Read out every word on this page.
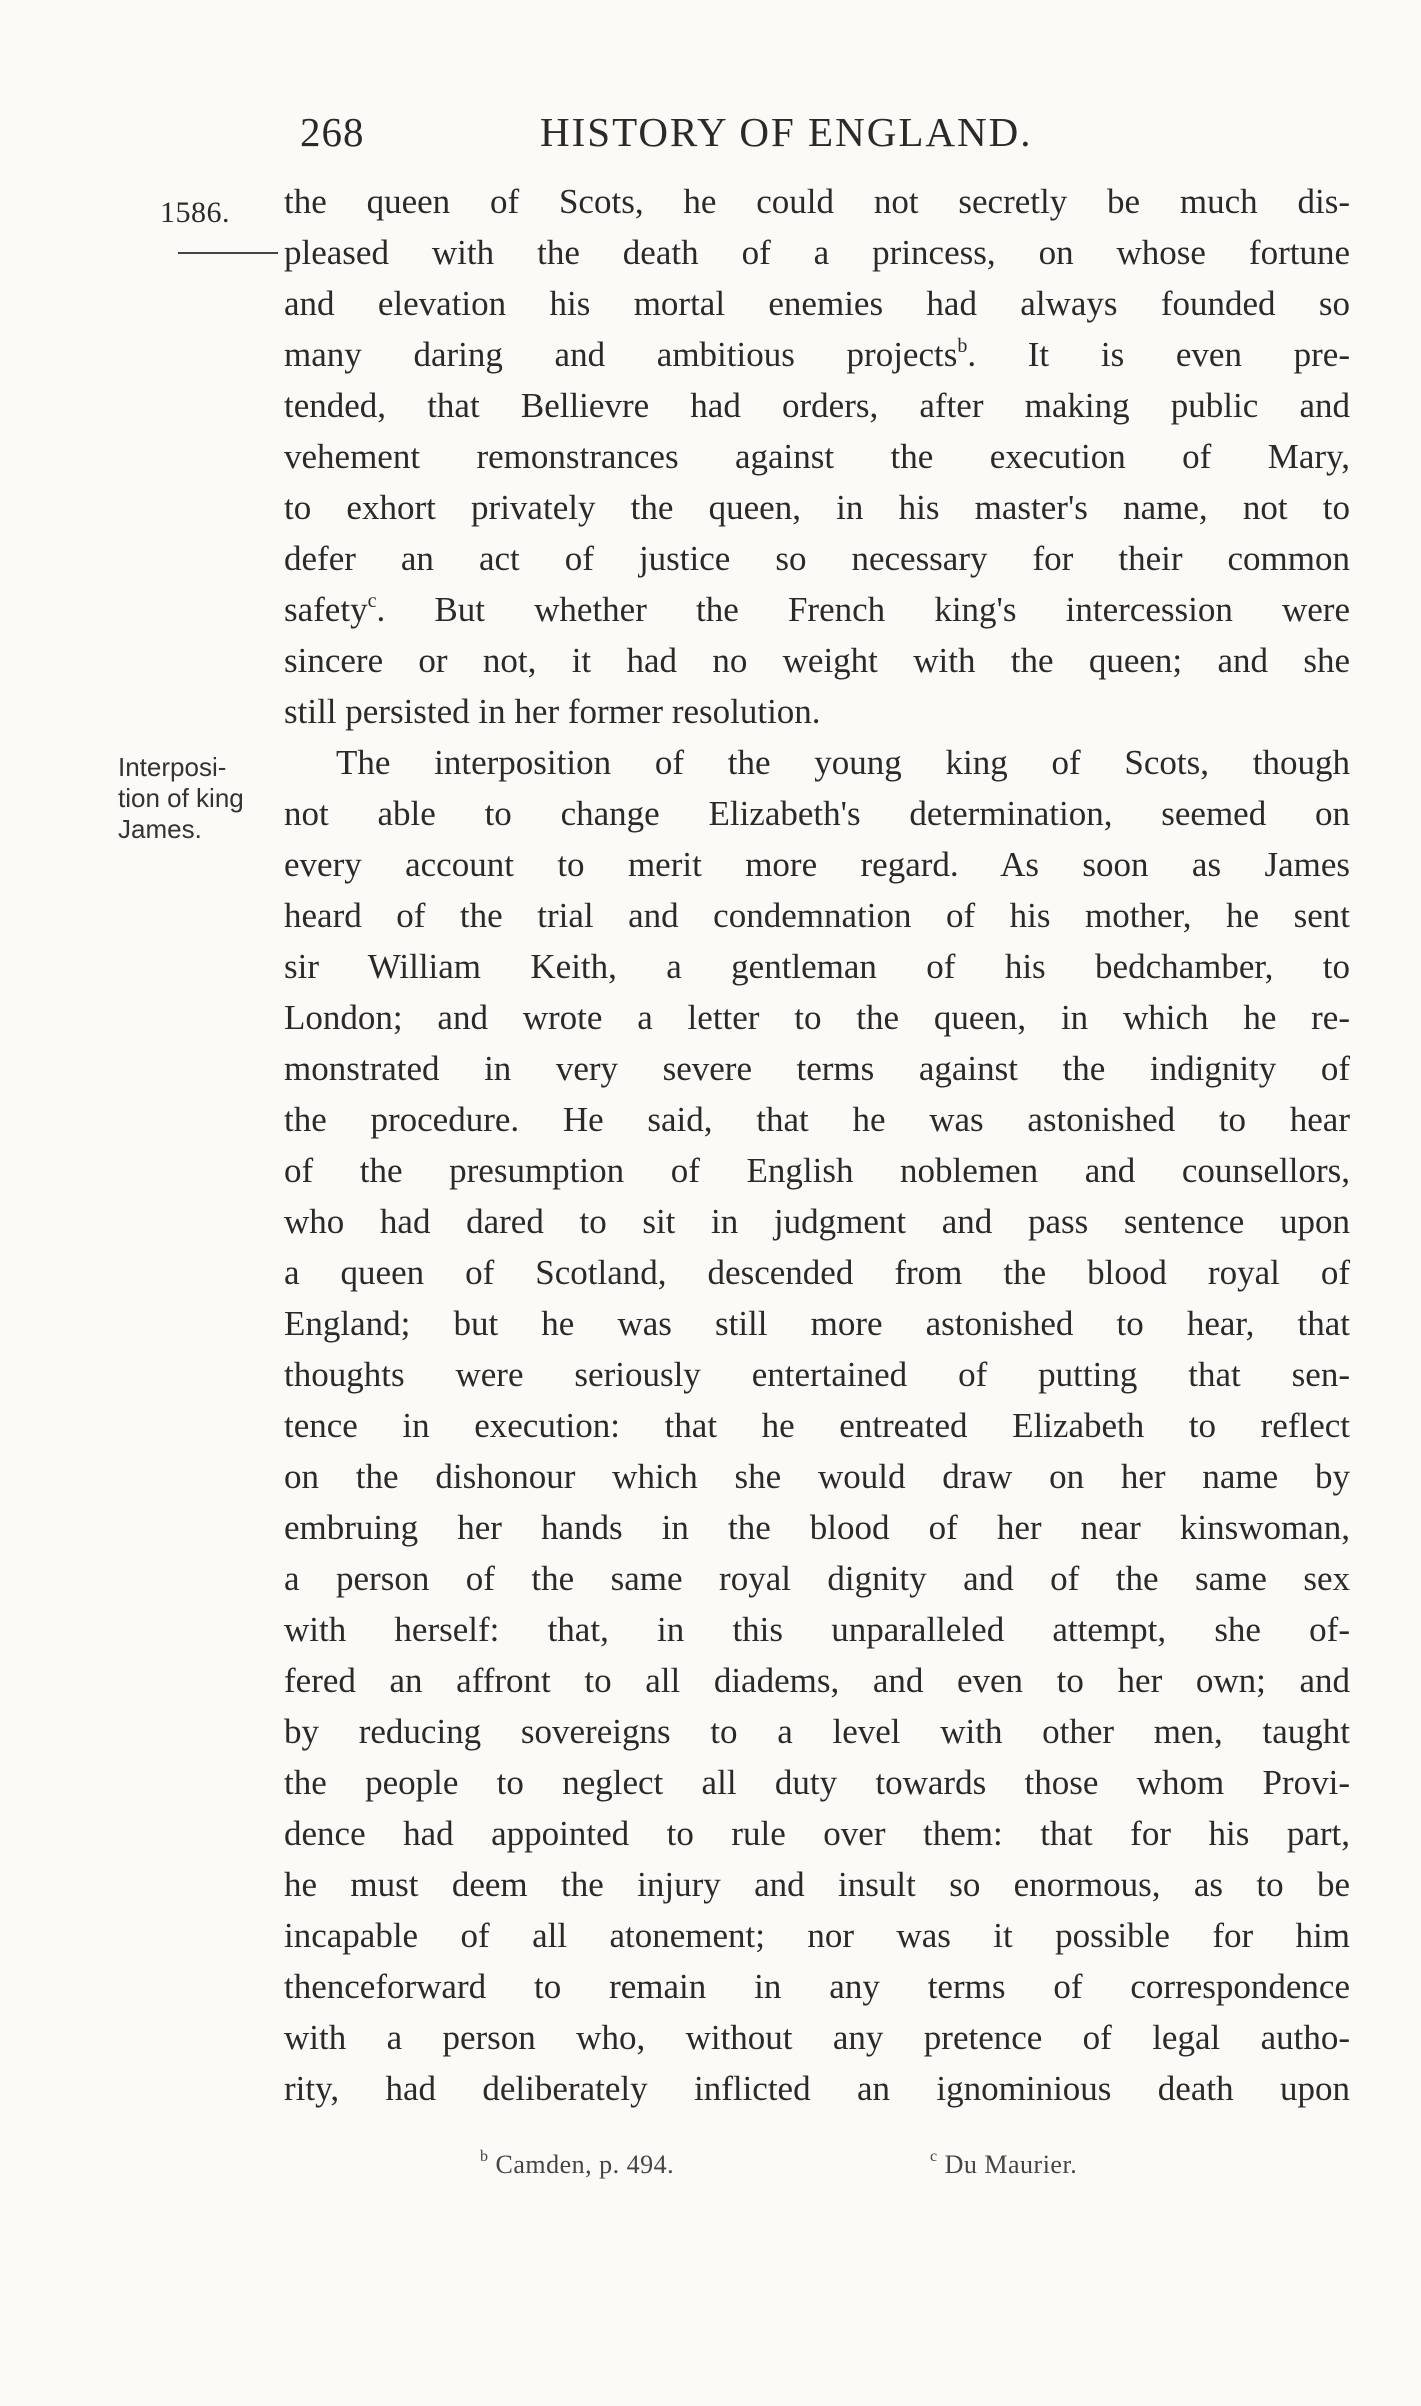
268	HISTORY OF ENGLAND.
1586.
Interposi-
tion of king
James.
the queen of Scots, he could not secretly be much dis-
pleased with the death of a princess, on whose fortune
and elevation his mortal enemies had always founded so
many daring and ambitious projects$^b$. It is even pre-
tended, that Bellievre had orders, after making public and
vehement remonstrances against the execution of Mary,
to exhort privately the queen, in his master's name, not to
defer an act of justice so necessary for their common
safety$^c$. But whether the French king's intercession were
sincere or not, it had no weight with the queen; and she
still persisted in her former resolution.
The interposition of the young king of Scots, though
not able to change Elizabeth's determination, seemed on
every account to merit more regard. As soon as James
heard of the trial and condemnation of his mother, he sent
sir William Keith, a gentleman of his bedchamber, to
London; and wrote a letter to the queen, in which he re-
monstrated in very severe terms against the indignity of
the procedure. He said, that he was astonished to hear
of the presumption of English noblemen and counsellors,
who had dared to sit in judgment and pass sentence upon
a queen of Scotland, descended from the blood royal of
England; but he was still more astonished to hear, that
thoughts were seriously entertained of putting that sen-
tence in execution: that he entreated Elizabeth to reflect
on the dishonour which she would draw on her name by
embruing her hands in the blood of her near kinswoman,
a person of the same royal dignity and of the same sex
with herself: that, in this unparalleled attempt, she of-
fered an affront to all diadems, and even to her own; and
by reducing sovereigns to a level with other men, taught
the people to neglect all duty towards those whom Provi-
dence had appointed to rule over them: that for his part,
he must deem the injury and insult so enormous, as to be
incapable of all atonement; nor was it possible for him
thenceforward to remain in any terms of correspondence
with a person who, without any pretence of legal autho-
rity, had deliberately inflicted an ignominious death upon
$^b$ Camden, p. 494.	$^c$ Du Maurier.
